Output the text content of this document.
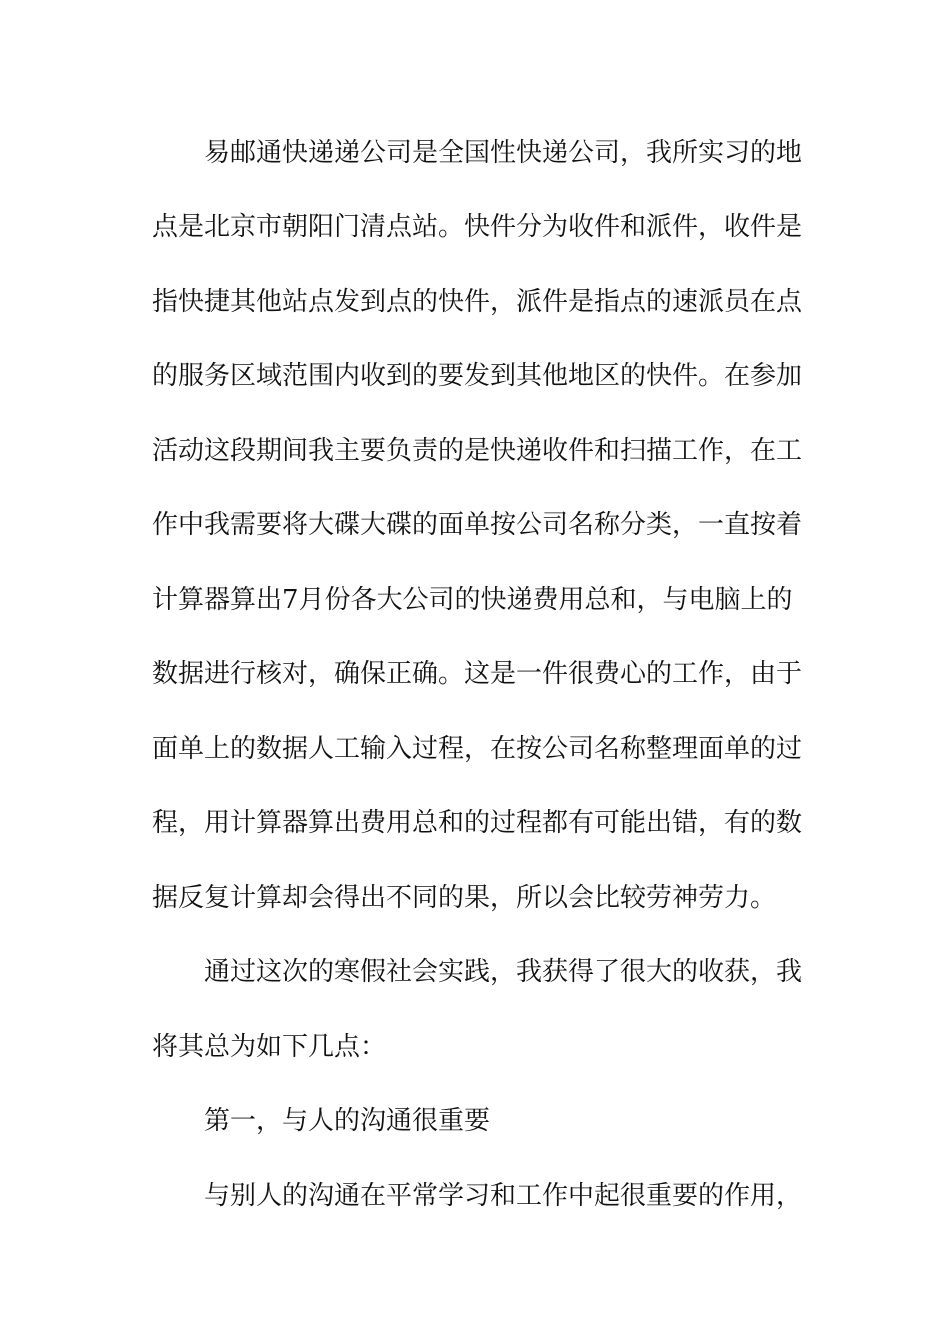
易邮通快递递公司是全国性快递公司，我所实习的地
点是北京市朝阳门清点站。快件分为收件和派件，收件是
指快捷其他站点发到点的快件，派件是指点的速派员在点
的服务区域范围内收到的要发到其他地区的快件。在参加
活动这段期间我主要负责的是快递收件和扫描工作，在工
作中我需要将大碟大碟的面单按公司名称分类，一直按着
计算器算出7月份各大公司的快递费用总和，与电脑上的
数据进行核对，确保正确。这是一件很费心的工作，由于
面单上的数据人工输入过程，在按公司名称整理面单的过
程，用计算器算出费用总和的过程都有可能出错，有的数
据反复计算却会得出不同的果，所以会比较劳神劳力。
通过这次的寒假社会实践，我获得了很大的收获，我
将其总为如下几点：
第一，与人的沟通很重要
与别人的沟通在平常学习和工作中起很重要的作用，
